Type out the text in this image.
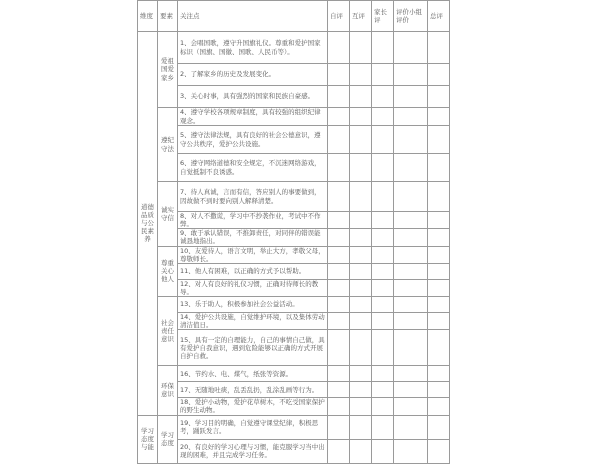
维度	要素	关注点	自评	互评	家长评	评价小组评价	总评

道德品质与公民素养	爱祖国爱家乡	1、会唱国歌，遵守升国旗礼仪。尊重和爱护国家标识（国旗、国徽、国歌、人民币等）。					
		2、了解家乡的历史及发展变化。					
		3、关心时事，具有强烈的国家和民族自豪感。					

	遵纪守法	4、遵守学校各项规章制度，具有较强的组织纪律观念。					
		5、遵守法律法规，具有良好的社会公德意识，遵守公共秩序，爱护公共设施。					
		6、遵守网络道德和安全规定，不沉迷网络游戏，自觉抵制不良诱惑。					

	诚实守信	7、待人真诚，言而有信，答应别人的事要做到，因故做不到时要向别人解释清楚。					
		8、对人不撒谎，学习中不抄袭作业，考试中不作弊。					
		9、敢于承认错误，不推卸责任，对同伴的错误能诚恳地指出。					

	尊重关心他人	10、友爱待人，语言文明，举止大方，孝敬父母，尊敬师长。					
		11、他人有困难，以正确的方式予以帮助。					
		12、对人有良好的礼仪习惯，正确对待师长的教导。					

	社会责任意识	13、乐于助人，积极参加社会公益活动。					
		14、爱护公共设施，自觉维护环境，以及集体劳动清洁值日。					
		15、具有一定的自理能力，自己的事情自己做，具有爱护自我意识，遇到危险能够以正确的方式开展自护自救。					

	环保意识	16、节约水、电、煤气，纸张等资源。					
		17、无随地吐痰，乱丢乱扔，乱涂乱画等行为。					
		18、爱护小动物，爱护花草树木，不吃受国家保护的野生动物。					

学习态度与能	学习态度	19、学习目的明确，自觉遵守课堂纪律，积极思考，踊跃发言。					
		20、有良好的学习心理与习惯，能克服学习当中出现的困难，并且完成学习任务。					
